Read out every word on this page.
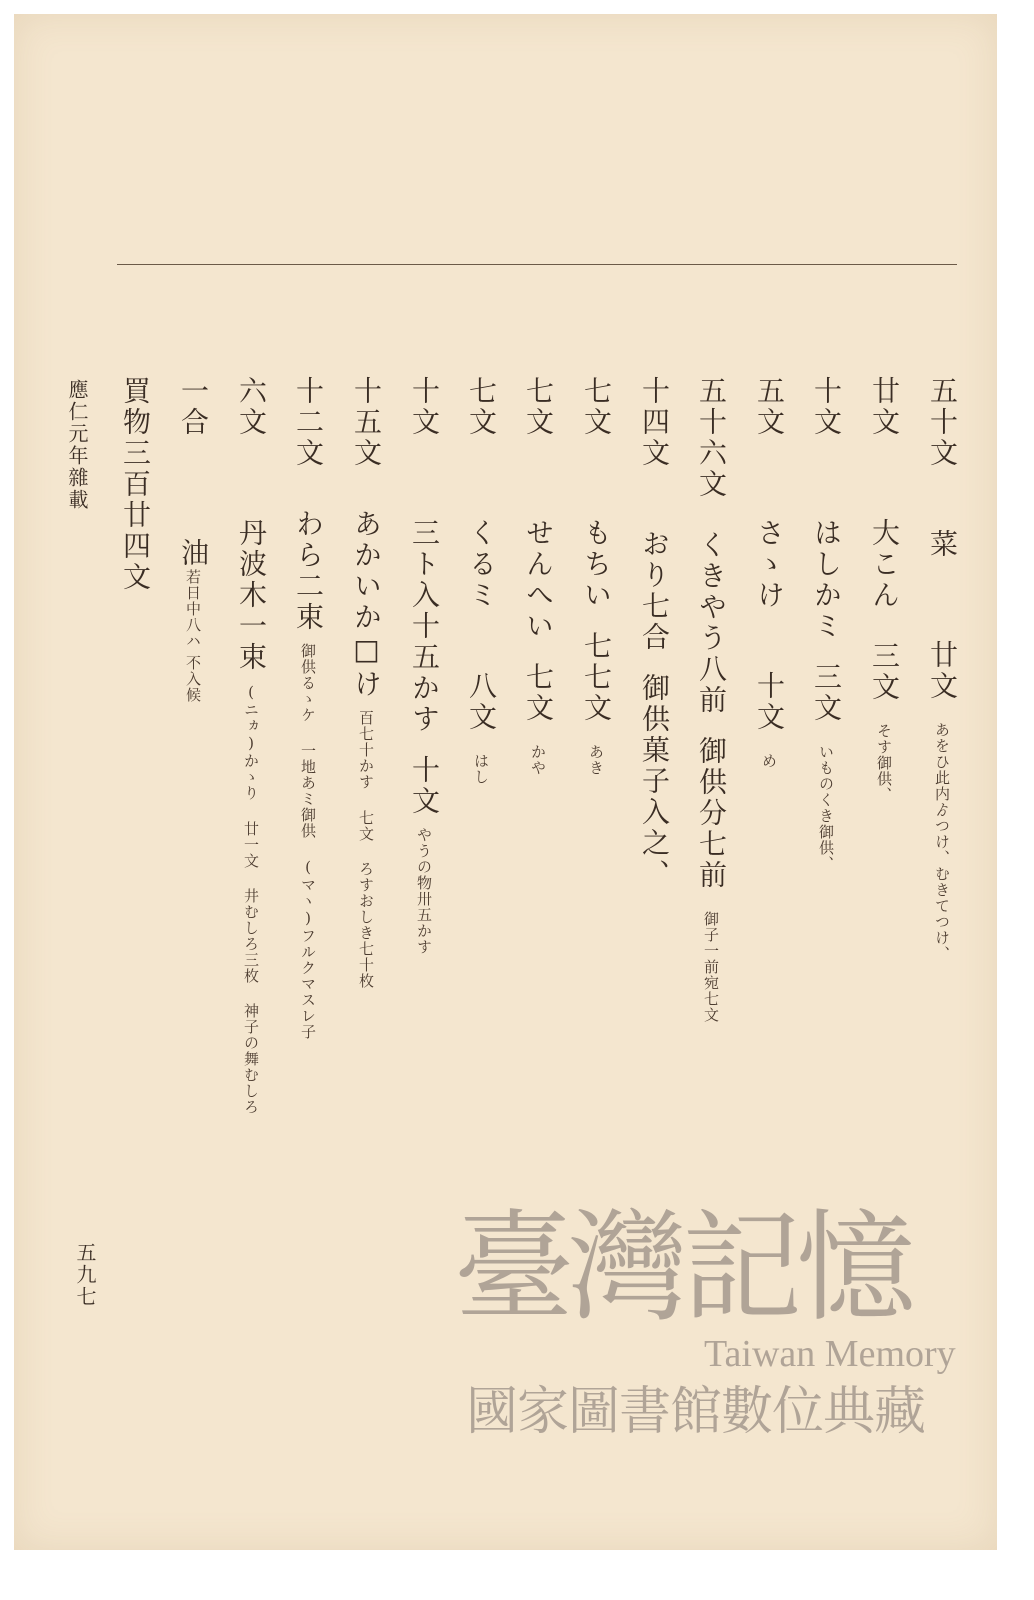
五十文菜廿文あをひ此内ゟつけ、むきてつけ、
廿文大こん三文そす御供、
十文はしかミ三文いものくき御供、
五文さゝけ十文め
五十六文くきやう八前御供分七前御子一前宛七文
十四文おり七合御供菓子入之、
七文もちい七七文あき
七文せんへい七文かや
七文くるミ八文はし
十文三ト入十五かす十文やうの物卅五かす
十五文あかいか□け百七十かす七文 ろすおしき七十枚
十二文わら二束御供るゝケ一地あミ御供 (マヽ)フルクマスレ子
六文丹波木一束(ニヵ)かゝり廿一文 井むしろ三枚 神子の舞むしろ
一合油若日中八ハ不入候
買物三百廿四文
應仁元年雜載
五九七	臺灣記憶
Taiwan Memory
國家圖書館數位典藏
